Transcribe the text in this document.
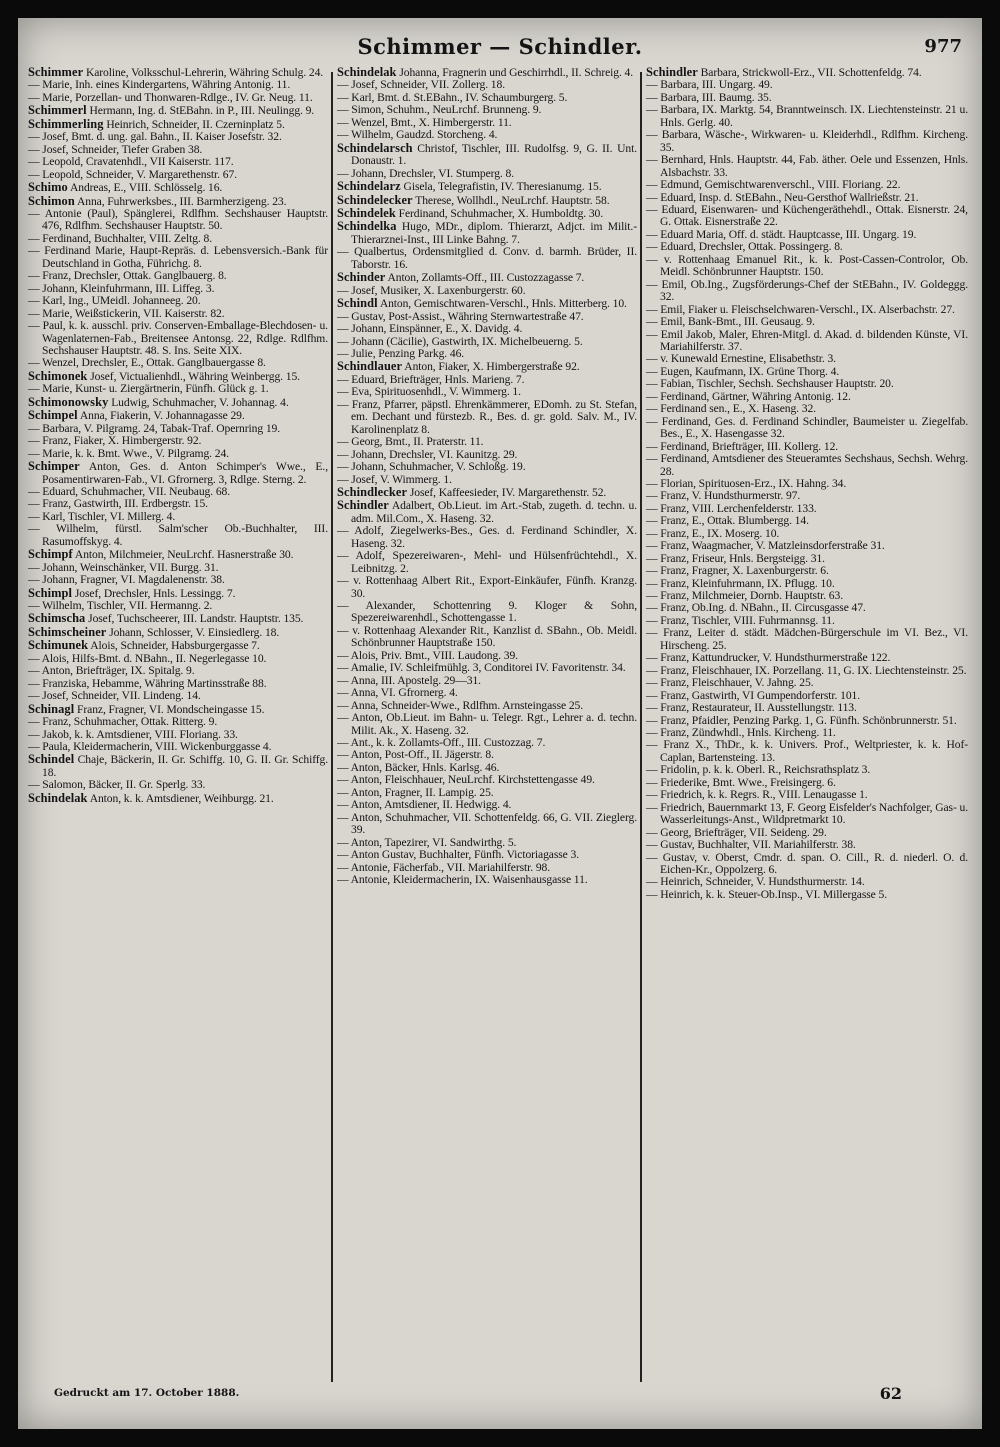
Schimmer — Schindler.	977

Schimmer Karoline, Volksschul-Lehrerin, Währing Schulg. 24.

— Marie, Inh. eines Kindergartens, Währing Antonig. 11.

— Marie, Porzellan- und Thonwaren-Rdlge., IV. Gr. Neug. 11.

Schimmerl Hermann, Ing. d. StEBahn. in P., III. Neulingg. 9.

Schimmerling Heinrich, Schneider, II. Czerninplatz 5.

— Josef, Bmt. d. ung. gal. Bahn., II. Kaiser Josefstr. 32.

— Josef, Schneider, Tiefer Graben 38.

— Leopold, Cravatenhdl., VII Kaiserstr. 117.

— Leopold, Schneider, V. Margarethenstr. 67.

Schimo Andreas, E., VIII. Schlösselg. 16.

Schimon Anna, Fuhrwerksbes., III. Barmherzigeng. 23.

— Antonie (Paul), Spänglerei, Rdlfhm. Sechshauser Hauptstr. 476, Rdlfhm. Sechshauser Hauptstr. 50.

— Ferdinand, Buchhalter, VIII. Zeltg. 8.

— Ferdinand Marie, Haupt-Repräs. d. Lebensversich.-Bank für Deutschland in Gotha, Führichg. 8.

— Franz, Drechsler, Ottak. Ganglbauerg. 8.

— Johann, Kleinfuhrmann, III. Liffeg. 3.

— Karl, Ing., UMeidl. Johanneeg. 20.

— Marie, Weißstickerin, VII. Kaiserstr. 82.

— Paul, k. k. ausschl. priv. Conserven-Emballage-Blechdosen- u. Wagenlaternen-Fab., Breitensee Antonsg. 22, Rdlge. Rdlfhm. Sechshauser Hauptstr. 48. S. Ins. Seite XIX.

— Wenzel, Drechsler, E., Ottak. Ganglbauergasse 8.

Schimonek Josef, Victualienhdl., Währing Weinbergg. 15.

— Marie, Kunst- u. Ziergärtnerin, Fünfh. Glück g. 1.

Schimonowsky Ludwig, Schuhmacher, V. Johannag. 4.

Schimpel Anna, Fiakerin, V. Johannagasse 29.

— Barbara, V. Pilgramg. 24, Tabak-Traf. Opernring 19.

— Franz, Fiaker, X. Himbergerstr. 92.

— Marie, k. k. Bmt. Wwe., V. Pilgramg. 24.

Schimper Anton, Ges. d. Anton Schimper's Wwe., E., Posamentirwaren-Fab., VI. Gfrornerg. 3, Rdlge. Sterng. 2.

— Eduard, Schuhmacher, VII. Neubaug. 68.

— Franz, Gastwirth, III. Erdbergstr. 15.

— Karl, Tischler, VI. Millerg. 4.

— Wilhelm, fürstl. Salm'scher Ob.-Buchhalter, III. Rasumoffskyg. 4.

Schimpf Anton, Milchmeier, NeuLrchf. Hasnerstraße 30.

— Johann, Weinschänker, VII. Burgg. 31.

— Johann, Fragner, VI. Magdalenenstr. 38.

Schimpl Josef, Drechsler, Hnls. Lessingg. 7.

— Wilhelm, Tischler, VII. Hermanng. 2.

Schimscha Josef, Tuchscheerer, III. Landstr. Hauptstr. 135.

Schimscheiner Johann, Schlosser, V. Einsiedlerg. 18.

Schimunek Alois, Schneider, Habsburgergasse 7.

— Alois, Hilfs-Bmt. d. NBahn., II. Negerlegasse 10.

— Anton, Briefträger, IX. Spitalg. 9.

— Franziska, Hebamme, Währing Martinsstraße 88.

— Josef, Schneider, VII. Lindeng. 14.

Schinagl Franz, Fragner, VI. Mondscheingasse 15.

— Franz, Schuhmacher, Ottak. Ritterg. 9.

— Jakob, k. k. Amtsdiener, VIII. Floriang. 33.

— Paula, Kleidermacherin, VIII. Wickenburggasse 4.

Schindel Chaje, Bäckerin, II. Gr. Schiffg. 10, G. II. Gr. Schiffg. 18.

— Salomon, Bäcker, II. Gr. Sperlg. 33.

Schindelak Anton, k. k. Amtsdiener, Weihburgg. 21.

Schindelak Johanna, Fragnerin und Geschirrhdl., II. Schreig. 4.

— Josef, Schneider, VII. Zollerg. 18.

— Karl, Bmt. d. St.EBahn., IV. Schaumburgerg. 5.

— Simon, Schuhm., NeuLrchf. Brunneng. 9.

— Wenzel, Bmt., X. Himbergerstr. 11.

— Wilhelm, Gaudzd. Storcheng. 4.

Schindelarsch Christof, Tischler, III. Rudolfsg. 9, G. II. Unt. Donaustr. 1.

— Johann, Drechsler, VI. Stumperg. 8.

Schindelarz Gisela, Telegrafistin, IV. Theresianumg. 15.

Schindelecker Therese, Wollhdl., NeuLrchf. Hauptstr. 58.

Schindelek Ferdinand, Schuhmacher, X. Humboldtg. 30.

Schindelka Hugo, MDr., diplom. Thierarzt, Adjct. im Milit.-Thierarznei-Inst., III Linke Bahng. 7.

— Qualbertus, Ordensmitglied d. Conv. d. barmh. Brüder, II. Taborstr. 16.

Schinder Anton, Zollamts-Off., III. Custozzagasse 7.

— Josef, Musiker, X. Laxenburgerstr. 60.

Schindl Anton, Gemischtwaren-Verschl., Hnls. Mitterberg. 10.

— Gustav, Post-Assist., Währing Sternwartestraße 47.

— Johann, Einspänner, E., X. Davidg. 4.

— Johann (Cäcilie), Gastwirth, IX. Michelbeuerng. 5.

— Julie, Penzing Parkg. 46.

Schindlauer Anton, Fiaker, X. Himbergerstraße 92.

— Eduard, Briefträger, Hnls. Marieng. 7.

— Eva, Spirituosenhdl., V. Wimmerg. 1.

— Franz, Pfarrer, päpstl. Ehrenkämmerer, EDomh. zu St. Stefan, em. Dechant und fürstezb. R., Bes. d. gr. gold. Salv. M., IV. Karolinenplatz 8.

— Georg, Bmt., II. Praterstr. 11.

— Johann, Drechsler, VI. Kaunitzg. 29.

— Johann, Schuhmacher, V. Schloßg. 19.

— Josef, V. Wimmerg. 1.

Schindlecker Josef, Kaffeesieder, IV. Margarethenstr. 52.

Schindler Adalbert, Ob.Lieut. im Art.-Stab, zugeth. d. techn. u. adm. Mil.Com., X. Haseng. 32.

— Adolf, Ziegelwerks-Bes., Ges. d. Ferdinand Schindler, X. Haseng. 32.

— Adolf, Spezereiwaren-, Mehl- und Hülsenfrüchtehdl., X. Leibnitzg. 2.

— v. Rottenhaag Albert Rit., Export-Einkäufer, Fünfh. Kranzg. 30.

— Alexander, Schottenring 9. Kloger & Sohn, Spezereiwarenhdl., Schottengasse 1.

— v. Rottenhaag Alexander Rit., Kanzlist d. SBahn., Ob. Meidl. Schönbrunner Hauptstraße 150.

— Alois, Priv. Bmt., VIII. Laudong. 39.

— Amalie, IV. Schleifmühlg. 3, Conditorei IV. Favoritenstr. 34.

— Anna, III. Apostelg. 29—31.

— Anna, VI. Gfrornerg. 4.

— Anna, Schneider-Wwe., Rdlfhm. Arnsteingasse 25.

— Anton, Ob.Lieut. im Bahn- u. Telegr. Rgt., Lehrer a. d. techn. Milit. Ak., X. Haseng. 32.

— Ant., k. k. Zollamts-Off., III. Custozzag. 7.

— Anton, Post-Off., II. Jägerstr. 8.

— Anton, Bäcker, Hnls. Karlsg. 46.

— Anton, Fleischhauer, NeuLrchf. Kirchstettengasse 49.

— Anton, Fragner, II. Lampig. 25.

— Anton, Amtsdiener, II. Hedwigg. 4.

— Anton, Schuhmacher, VII. Schottenfeldg. 66, G. VII. Zieglerg. 39.

— Anton, Tapezirer, VI. Sandwirthg. 5.

— Anton Gustav, Buchhalter, Fünfh. Victoriagasse 3.

— Antonie, Fächerfab., VII. Mariahilferstr. 98.

— Antonie, Kleidermacherin, IX. Waisenhausgasse 11.

Schindler Barbara, Strickwoll-Erz., VII. Schottenfeldg. 74.

— Barbara, III. Ungarg. 49.

— Barbara, III. Baumg. 35.

— Barbara, IX. Marktg. 54, Branntweinsch. IX. Liechtensteinstr. 21 u. Hnls. Gerlg. 40.

— Barbara, Wäsche-, Wirkwaren- u. Kleiderhdl., Rdlfhm. Kircheng. 35.

— Bernhard, Hnls. Hauptstr. 44, Fab. äther. Oele und Essenzen, Hnls. Alsbachstr. 33.

— Edmund, Gemischtwarenverschl., VIII. Floriang. 22.

— Eduard, Insp. d. StEBahn., Neu-Gersthof Wallrießstr. 21.

— Eduard, Eisenwaren- und Küchengeräthehdl., Ottak. Eisnerstr. 24, G. Ottak. Eisnerstraße 22.

— Eduard Maria, Off. d. städt. Hauptcasse, III. Ungarg. 19.

— Eduard, Drechsler, Ottak. Possingerg. 8.

— v. Rottenhaag Emanuel Rit., k. k. Post-Cassen-Controlor, Ob. Meidl. Schönbrunner Hauptstr. 150.

— Emil, Ob.Ing., Zugsförderungs-Chef der StEBahn., IV. Goldeggg. 32.

— Emil, Fiaker u. Fleischselchwaren-Verschl., IX. Alserbachstr. 27.

— Emil, Bank-Bmt., III. Geusaug. 9.

— Emil Jakob, Maler, Ehren-Mitgl. d. Akad. d. bildenden Künste, VI. Mariahilferstr. 37.

— v. Kunewald Ernestine, Elisabethstr. 3.

— Eugen, Kaufmann, IX. Grüne Thorg. 4.

— Fabian, Tischler, Sechsh. Sechshauser Hauptstr. 20.

— Ferdinand, Gärtner, Währing Antonig. 12.

— Ferdinand sen., E., X. Haseng. 32.

— Ferdinand, Ges. d. Ferdinand Schindler, Baumeister u. Ziegelfab. Bes., E., X. Hasengasse 32.

— Ferdinand, Briefträger, III. Kollerg. 12.

— Ferdinand, Amtsdiener des Steueramtes Sechshaus, Sechsh. Wehrg. 28.

— Florian, Spirituosen-Erz., IX. Hahng. 34.

— Franz, V. Hundsthurmerstr. 97.

— Franz, VIII. Lerchenfelderstr. 133.

— Franz, E., Ottak. Blumbergg. 14.

— Franz, E., IX. Moserg. 10.

— Franz, Waagmacher, V. Matzleinsdorferstraße 31.

— Franz, Friseur, Hnls. Bergsteigg. 31.

— Franz, Fragner, X. Laxenburgerstr. 6.

— Franz, Kleinfuhrmann, IX. Pflugg. 10.

— Franz, Milchmeier, Dornb. Hauptstr. 63.

— Franz, Ob.Ing. d. NBahn., II. Circusgasse 47.

— Franz, Tischler, VIII. Fuhrmannsg. 11.

— Franz, Leiter d. städt. Mädchen-Bürgerschule im VI. Bez., VI. Hirscheng. 25.

— Franz, Kattundrucker, V. Hundsthurmerstraße 122.

— Franz, Fleischhauer, IX. Porzellang. 11, G. IX. Liechtensteinstr. 25.

— Franz, Fleischhauer, V. Jahng. 25.

— Franz, Gastwirth, VI Gumpendorferstr. 101.

— Franz, Restaurateur, II. Ausstellungstr. 113.

— Franz, Pfaidler, Penzing Parkg. 1, G. Fünfh. Schönbrunnerstr. 51.

— Franz, Zündwhdl., Hnls. Kircheng. 11.

— Franz X., ThDr., k. k. Univers. Prof., Weltpriester, k. k. Hof-Caplan, Bartensteing. 13.

— Fridolin, p. k. k. Oberl. R., Reichsrathsplatz 3.

— Friederike, Bmt. Wwe., Freisingerg. 6.

— Friedrich, k. k. Regrs. R., VIII. Lenaugasse 1.

— Friedrich, Bauernmarkt 13, F. Georg Eisfelder's Nachfolger, Gas- u. Wasserleitungs-Anst., Wildpretmarkt 10.

— Georg, Briefträger, VII. Seideng. 29.

— Gustav, Buchhalter, VII. Mariahilferstr. 38.

— Gustav, v. Oberst, Cmdr. d. span. O. Cill., R. d. niederl. O. d. Eichen-Kr., Oppolzerg. 6.

— Heinrich, Schneider, V. Hundsthurmerstr. 14.

— Heinrich, k. k. Steuer-Ob.Insp., VI. Millergasse 5.

Gedruckt am 17. October 1888.	62
